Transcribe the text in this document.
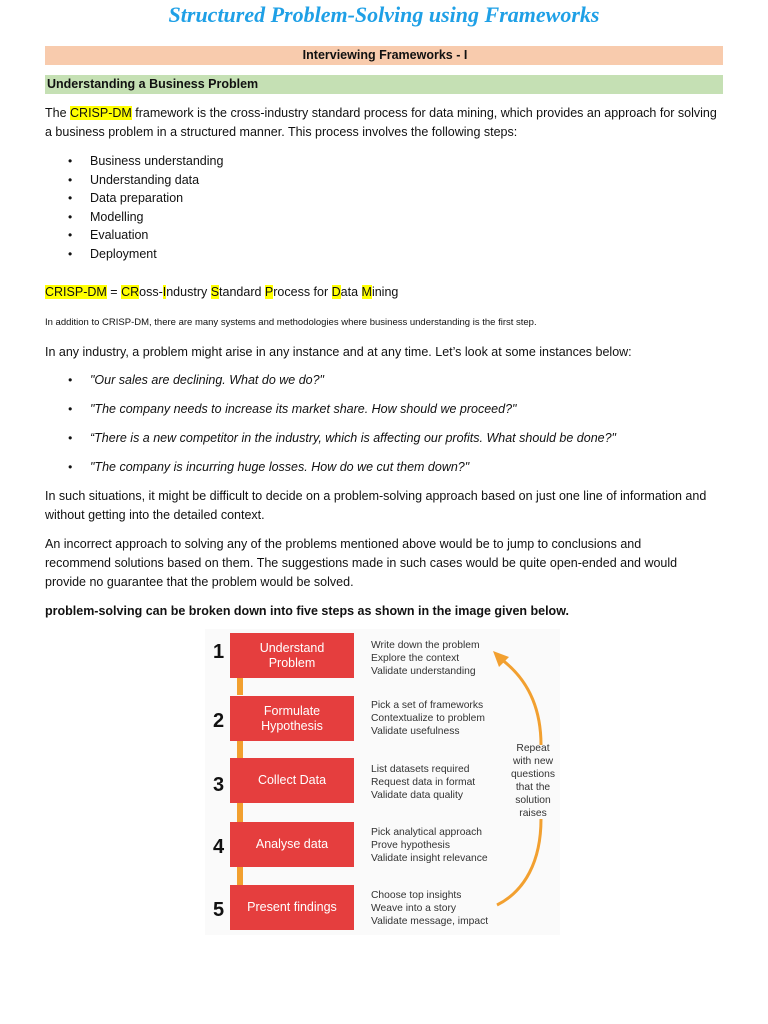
Structured Problem-Solving using Frameworks
Interviewing Frameworks - I
Understanding a Business Problem
The CRISP-DM framework is the cross-industry standard process for data mining, which provides an approach for solving
a business problem in a structured manner. This process involves the following steps:
• Business understanding
• Understanding data
• Data preparation
• Modelling
• Evaluation
• Deployment
CRISP-DM = CRoss-Industry Standard Process for Data Mining
In addition to CRISP-DM, there are many systems and methodologies where business understanding is the first step.
In any industry, a problem might arise in any instance and at any time. Let’s look at some instances below:
• "Our sales are declining. What do we do?"
• "The company needs to increase its market share. How should we proceed?"
• “There is a new competitor in the industry, which is affecting our profits. What should be done?"
• "The company is incurring huge losses. How do we cut them down?"
In such situations, it might be difficult to decide on a problem-solving approach based on just one line of information and
without getting into the detailed context.
An incorrect approach to solving any of the problems mentioned above would be to jump to conclusions and
recommend solutions based on them. The suggestions made in such cases would be quite open-ended and would
provide no guarantee that the problem would be solved.
problem-solving can be broken down into five steps as shown in the image given below.
1	Understand
Problem
Write down the problem
Explore the context
Validate understanding
2	Formulate
Hypothesis
Pick a set of frameworks
Contextualize to problem
Validate usefulness
3	Collect Data
List datasets required
Request data in format
Validate data quality
4	Analyse data
Pick analytical approach
Prove hypothesis
Validate insight relevance
5 Present findings
Choose top insights
Weave into a story
Validate message, impact
Repeat
with new
questions
that the
solution
raises
